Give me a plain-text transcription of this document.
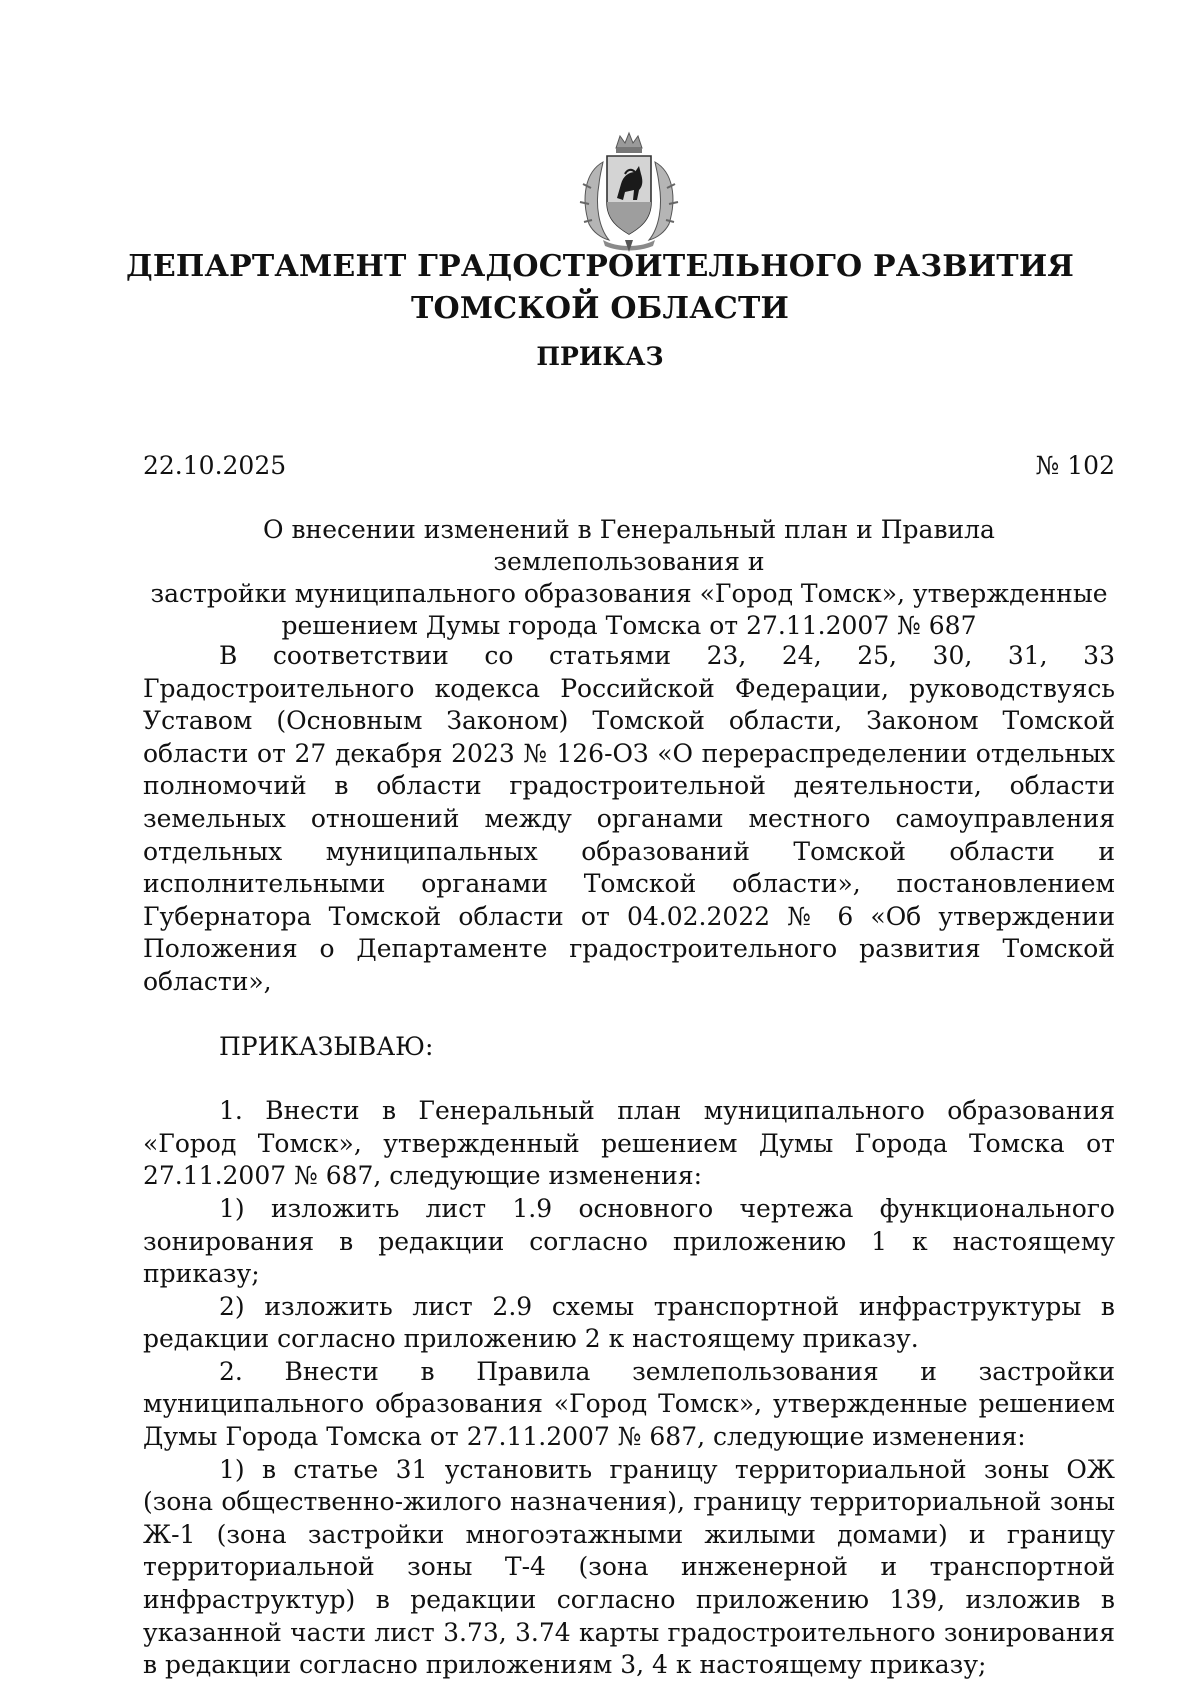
ДЕПАРТАМЕНТ ГРАДОСТРОИТЕЛЬНОГО РАЗВИТИЯ
ТОМСКОЙ ОБЛАСТИ
ПРИКАЗ
22.10.2025	№ 102
О внесении изменений в Генеральный план и Правила землепользования и
застройки муниципального образования «Город Томск», утвержденные
решением Думы города Томска от 27.11.2007 № 687

В соответствии со статьями 23, 24, 25, 30, 31, 33 Градостроительного кодекса Российской Федерации, руководствуясь Уставом (Основным Законом) Томской области, Законом Томской области от 27 декабря 2023 № 126-ОЗ «О перераспределении отдельных полномочий в области градостроительной деятельности, области земельных отношений между органами местного самоуправления отдельных муниципальных образований Томской области и исполнительными органами Томской области», постановлением Губернатора Томской области от 04.02.2022 № 6 «Об утверждении Положения о Департаменте градостроительного развития Томской области»,

ПРИКАЗЫВАЮ:

1. Внести в Генеральный план муниципального образования «Город Томск», утвержденный решением Думы Города Томска от 27.11.2007 № 687, следующие изменения:

1) изложить лист 1.9 основного чертежа функционального зонирования в редакции согласно приложению 1 к настоящему приказу;

2) изложить лист 2.9 схемы транспортной инфраструктуры в редакции согласно приложению 2 к настоящему приказу.

2. Внести в Правила землепользования и застройки муниципального образования «Город Томск», утвержденные решением Думы Города Томска от 27.11.2007 № 687, следующие изменения:

1) в статье 31 установить границу территориальной зоны ОЖ (зона общественно-жилого назначения), границу территориальной зоны Ж-1 (зона застройки многоэтажными жилыми домами) и границу территориальной зоны Т-4 (зона инженерной и транспортной инфраструктур) в редакции согласно приложению 139, изложив в указанной части лист 3.73, 3.74 карты градостроительного зонирования в редакции согласно приложениям 3, 4 к настоящему приказу;
